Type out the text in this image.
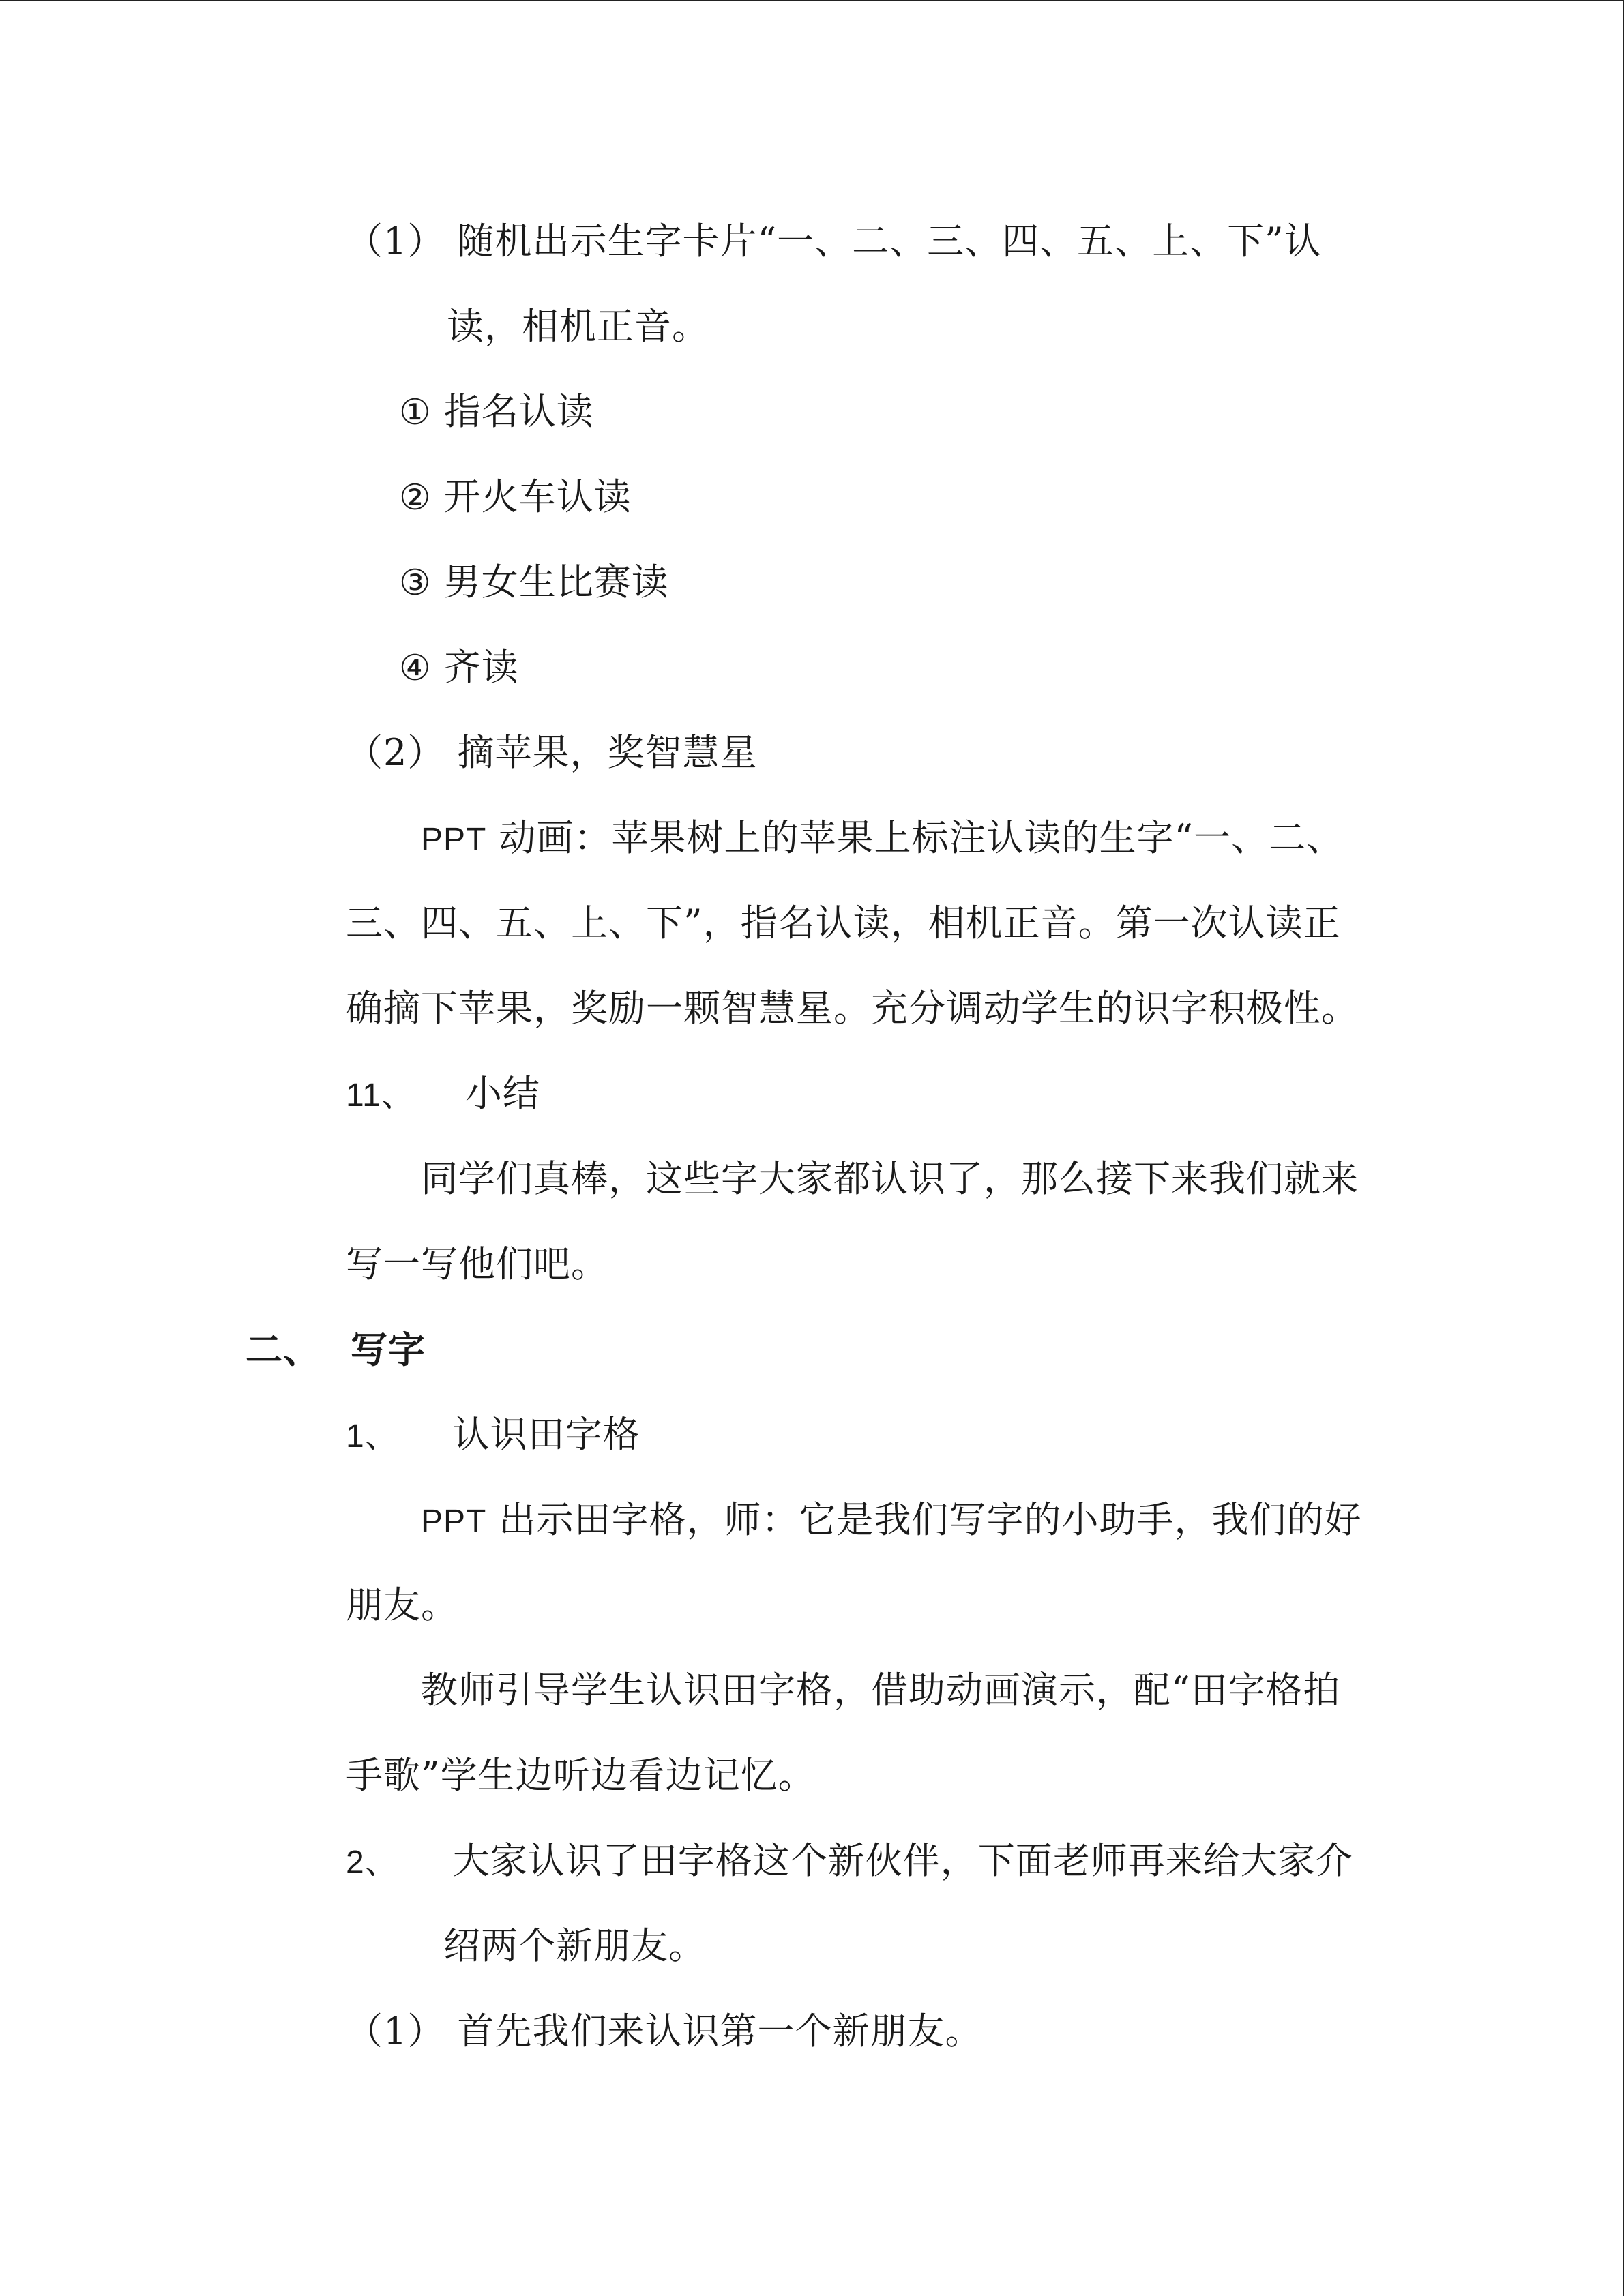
（1） 随机出示生字卡片“一、二、三、四、五、上、下”认
读，相机正音。
① 指名认读
② 开火车认读
③ 男女生比赛读
④ 齐读
（2） 摘苹果，奖智慧星
PPT 动画：苹果树上的苹果上标注认读的生字“一、二、
三、四、五、上、下”，指名认读，相机正音。第一次认读正
确摘下苹果，奖励一颗智慧星。充分调动学生的识字积极性。
11、 小结
同学们真棒，这些字大家都认识了，那么接下来我们就来
写一写他们吧。
二、 写字
1、 认识田字格
PPT 出示田字格，师：它是我们写字的小助手，我们的好
朋友。
教师引导学生认识田字格，借助动画演示，配“田字格拍
手歌”学生边听边看边记忆。
2、 大家认识了田字格这个新伙伴，下面老师再来给大家介
绍两个新朋友。
（1） 首先我们来认识第一个新朋友。
